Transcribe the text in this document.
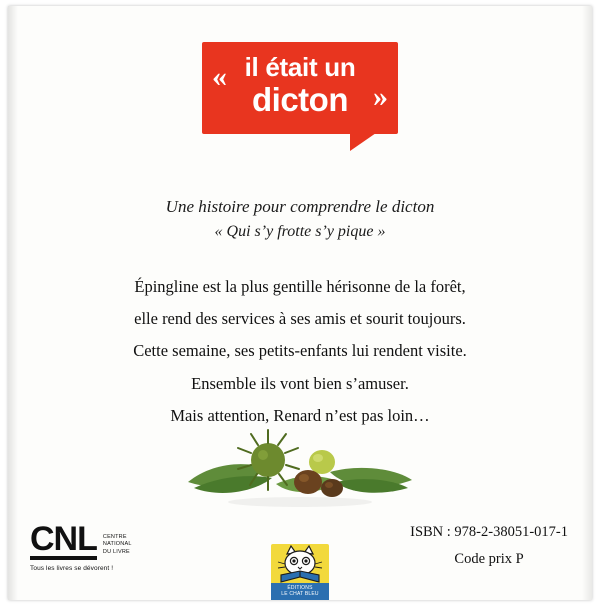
«
»
il était un
dicton
Une histoire pour comprendre le dicton
« Qui s’y frotte s’y pique »
Épingline est la plus gentille hérisonne de la forêt,
elle rend des services à ses amis et sourit toujours.
Cette semaine, ses petits-enfants lui rendent visite.
Ensemble ils vont bien s’amuser.
Mais attention, Renard n’est pas loin…
CNL CENTRE
NATIONAL
DU LIVRE
Tous les livres se dévorent !
ÉDITIONS
LE CHAT BLEU
ISBN : 978-2-38051-017-1
Code prix P
